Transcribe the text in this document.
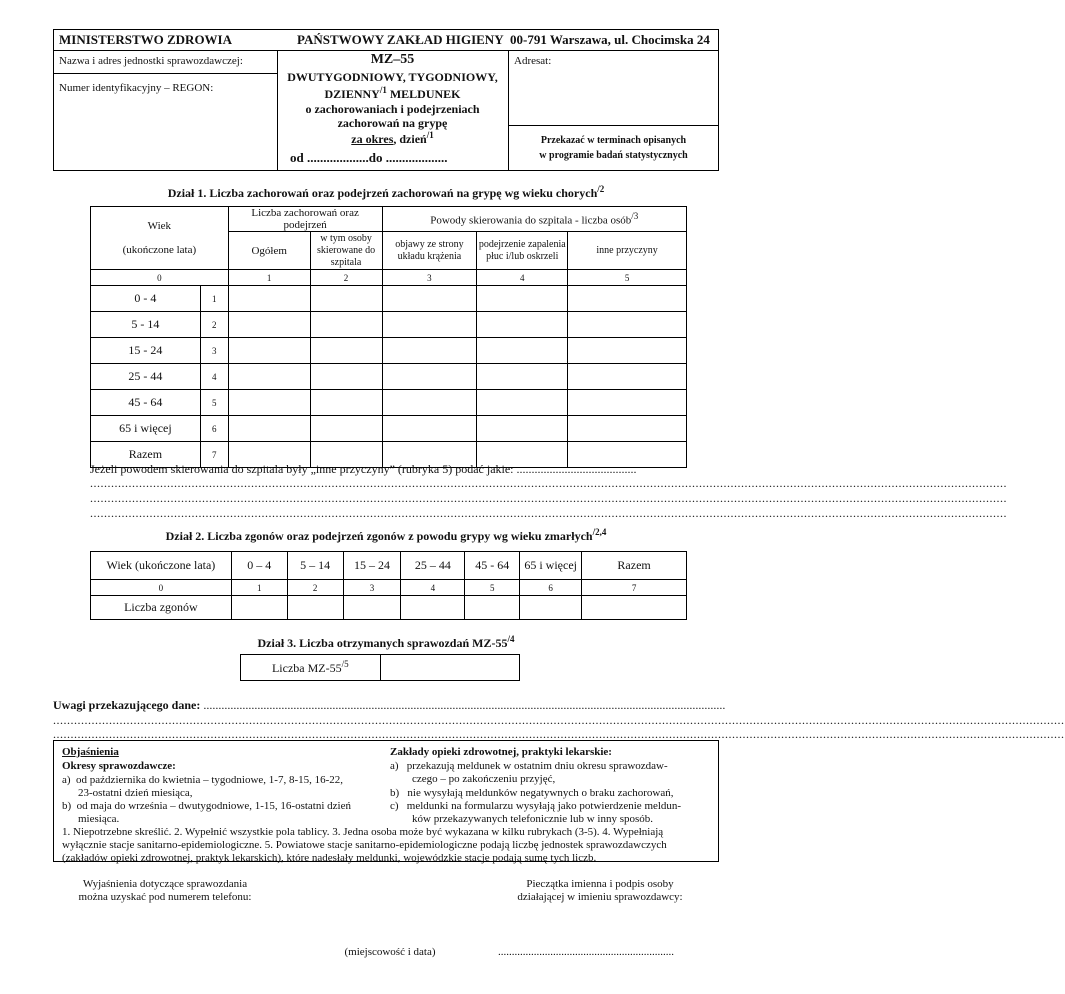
MINISTERSTWO ZDROWIA	PAŃSTWOWY ZAKŁAD HIGIENY 00-791 Warszawa, ul. Chocimska 24
Nazwa i adres jednostki sprawozdawczej:
Numer identyfikacyjny – REGON:
MZ–55
DWUTYGODNIOWY, TYGODNIOWY,
$DZIENNY^{/1}$ MELDUNEK
o zachorowaniach i podejrzeniach
zachorowań na grypę
za okres, dzień$^{/1}$
od ...................do ...................
Adresat:
Przekazać w terminach opisanych
w programie badań statystycznych
Dział 1. Liczba zachorowań oraz podejrzeń zachorowań na grypę wg wieku chorych$^{/2}$
Wiek
(ukończone lata)		Liczba zachorowań oraz podejrzeń		Powody skierowania do szpitala - liczba osób$^{/3}$
		Ogółem	w tym osoby skierowane do szpitala	objawy ze strony układu krążenia	podejrzenie zapalenia płuc i/lub oskrzeli	inne przyczyny
0		1	2	3	4	5
0 - 4	1					
5 - 14	2					
15 - 24	3					
25 - 44	4					
45 - 64	5					
65 i więcej	6					
Razem	7					
Jeżeli powodem skierowania do szpitala były „inne przyczyny” (rubryka 5) podać jakie: ........................................
......................................................................................................................................................................................................................................................................
......................................................................................................................................................................................................................................................................
......................................................................................................................................................................................................................................................................
Dział 2. Liczba zgonów oraz podejrzeń zgonów z powodu grypy wg wieku zmarłych$^{/2,4}$
Wiek (ukończone lata)	0 – 4	5 – 14	15 – 24	25 – 44	45 - 64	65 i więcej	Razem
0	1	2	3	4	5	6	7
Liczba zgonów							
Dział 3. Liczba otrzymanych sprawozdań $MZ-55^{/4}$
Liczba $MZ-55^{/5}$	
Uwagi przekazującego dane: ..............................................................................................................................................................................
.................................................................................................................................................................................................................................................................................................
.................................................................................................................................................................................................................................................................................................
Objaśnienia
Okresy sprawozdawcze:
a)  od października do kwietnia – tygodniowe, 1-7, 8-15, 16-22,
23-ostatni dzień miesiąca,
b)  od maja do września – dwutygodniowe, 1-15, 16-ostatni dzień
miesiąca.
Zakłady opieki zdrowotnej, praktyki lekarskie:
a)   przekazują meldunek w ostatnim dniu okresu sprawozdaw-
czego – po zakończeniu przyjęć,
b)   nie wysyłają meldunków negatywnych o braku zachorowań,
c)   meldunki na formularzu wysyłają jako potwierdzenie meldun-
ków przekazywanych telefonicznie lub w inny sposób.
1. Niepotrzebne skreślić. 2. Wypełnić wszystkie pola tablicy. 3. Jedna osoba może być wykazana w kilku rubrykach (3-5). 4. Wypełniają
wyłącznie stacje sanitarno-epidemiologiczne. 5. Powiatowe stacje sanitarno-epidemiologiczne podają liczbę jednostek sprawozdawczych
(zakładów opieki zdrowotnej, praktyk lekarskich), które nadesłały meldunki, wojewódzkie stacje podają sumę tych liczb.
Wyjaśnienia dotyczące sprawozdania
można uzyskać pod numerem telefonu:
Pieczątka imienna i podpis osoby
działającej w imieniu sprawozdawcy:
(miejscowość i data)	................................................................
